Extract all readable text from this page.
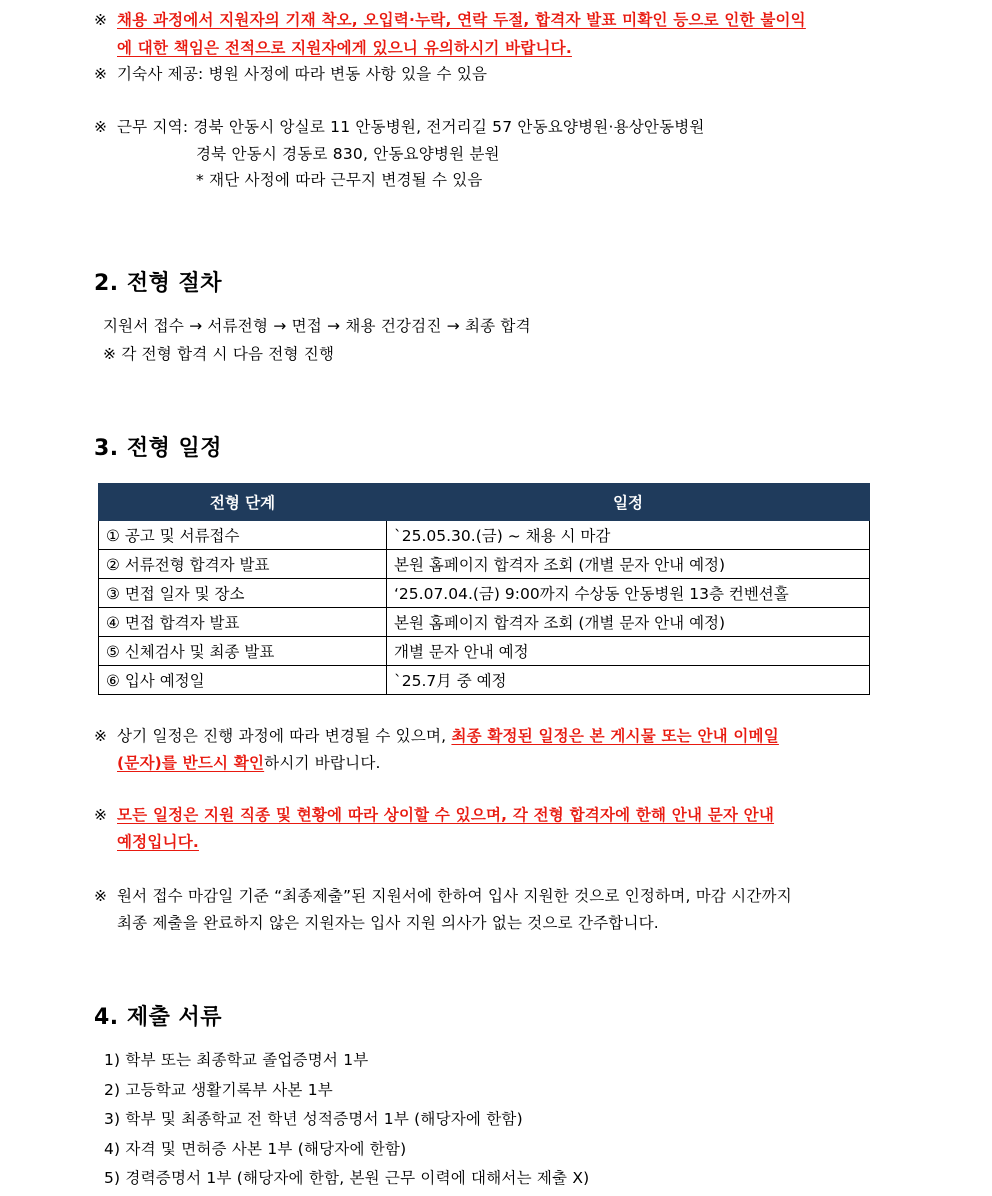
※ 채용 과정에서 지원자의 기재 착오, 오입력·누락, 연락 두절, 합격자 발표 미확인 등으로 인한 불이익
에 대한 책임은 전적으로 지원자에게 있으니 유의하시기 바랍니다.
※ 기숙사 제공: 병원 사정에 따라 변동 사항 있을 수 있음
※ 근무 지역: 경북 안동시 앙실로 11 안동병원, 전거리길 57 안동요양병원·용상안동병원
경북 안동시 경동로 830, 안동요양병원 분원
* 재단 사정에 따라 근무지 변경될 수 있음
2. 전형 절차
지원서 접수 → 서류전형 → 면접 → 채용 건강검진 → 최종 합격
※ 각 전형 합격 시 다음 전형 진행
3. 전형 일정
전형 단계	일정
① 공고 및 서류접수	`25.05.30.(금) ~ 채용 시 마감
② 서류전형 합격자 발표	본원 홈페이지 합격자 조회 (개별 문자 안내 예정)
③ 면접 일자 및 장소	‘25.07.04.(금) 9:00까지 수상동 안동병원 13층 컨벤션홀
④ 면접 합격자 발표	본원 홈페이지 합격자 조회 (개별 문자 안내 예정)
⑤ 신체검사 및 최종 발표	개별 문자 안내 예정
⑥ 입사 예정일	`25.7月 중 예정
※ 상기 일정은 진행 과정에 따라 변경될 수 있으며, 최종 확정된 일정은 본 게시물 또는 안내 이메일
(문자)를 반드시 확인하시기 바랍니다.
※ 모든 일정은 지원 직종 및 현황에 따라 상이할 수 있으며, 각 전형 합격자에 한해 안내 문자 안내
예정입니다.
※ 원서 접수 마감일 기준 “최종제출”된 지원서에 한하여 입사 지원한 것으로 인정하며, 마감 시간까지
최종 제출을 완료하지 않은 지원자는 입사 지원 의사가 없는 것으로 간주합니다.
4. 제출 서류
1) 학부 또는 최종학교 졸업증명서 1부
2) 고등학교 생활기록부 사본 1부
3) 학부 및 최종학교 전 학년 성적증명서 1부 (해당자에 한함)
4) 자격 및 면허증 사본 1부 (해당자에 한함)
5) 경력증명서 1부 (해당자에 한함, 본원 근무 이력에 대해서는 제출 X)
